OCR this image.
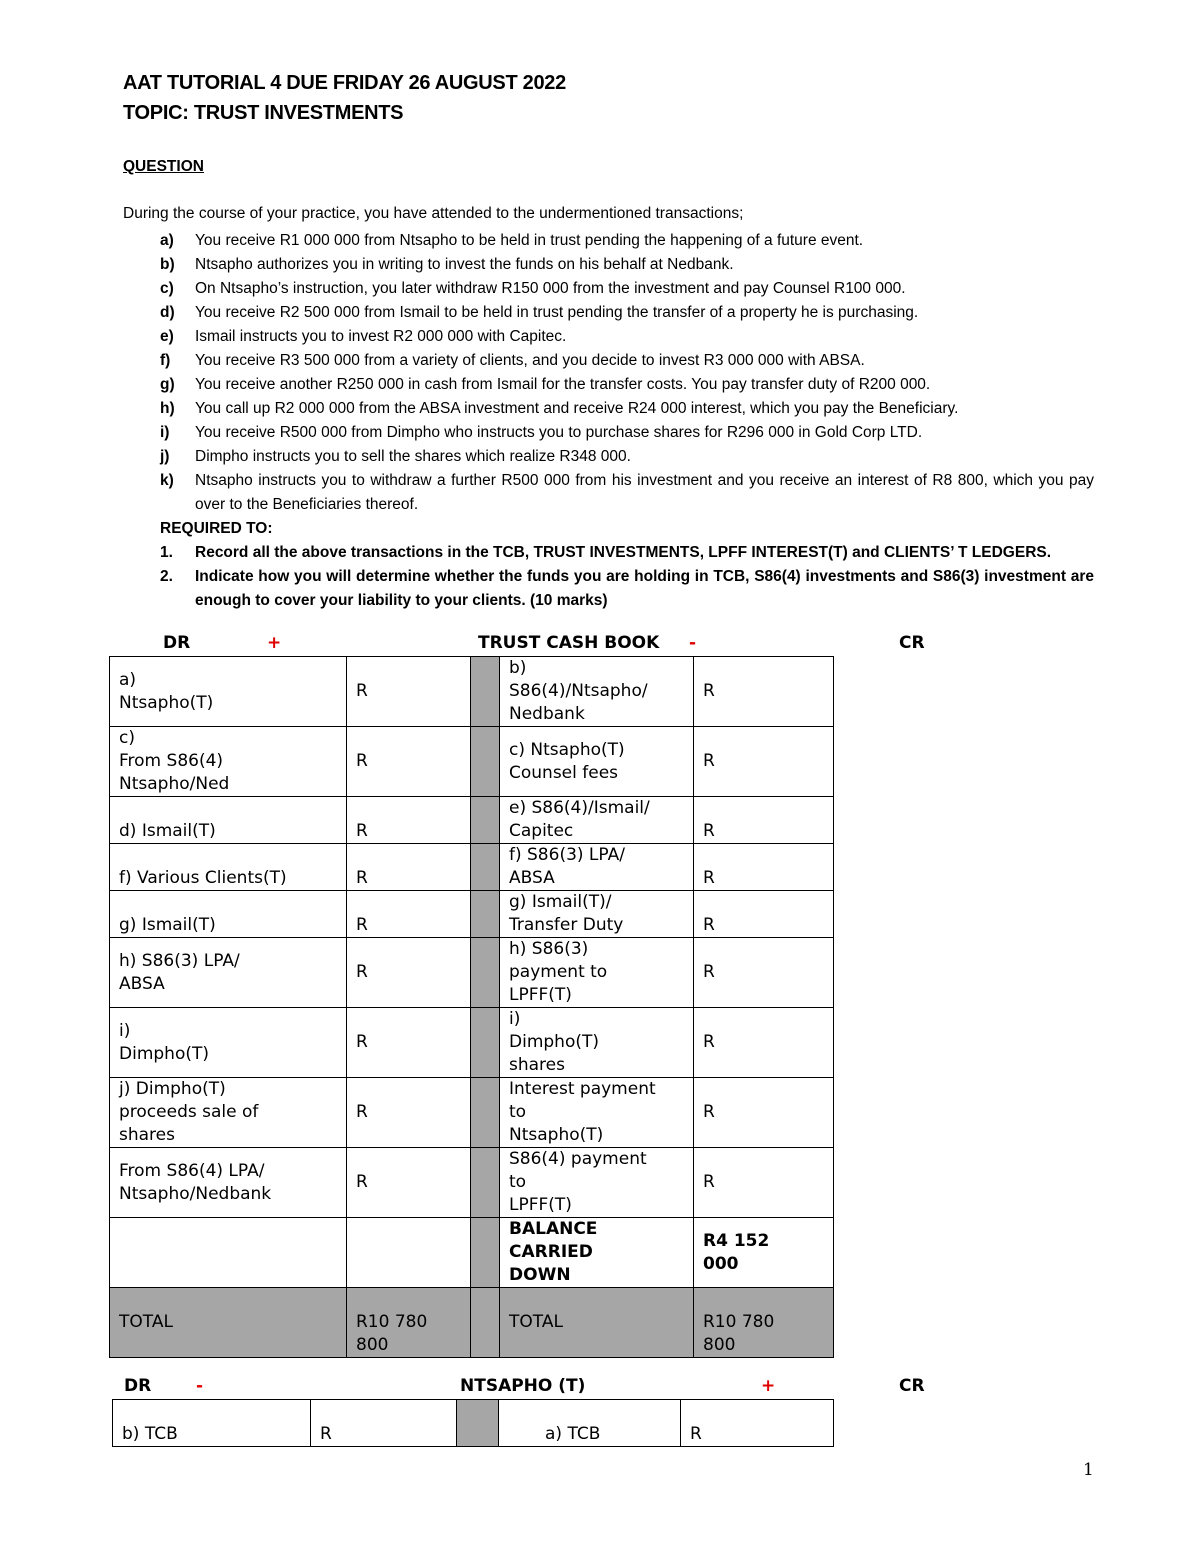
AAT TUTORIAL 4 DUE FRIDAY 26 AUGUST 2022
TOPIC: TRUST INVESTMENTS
QUESTION
During the course of your practice, you have attended to the undermentioned transactions;
a)	You receive R1 000 000 from Ntsapho to be held in trust pending the happening of a future event.
b)	Ntsapho authorizes you in writing to invest the funds on his behalf at Nedbank.
c)	On Ntsapho’s instruction, you later withdraw R150 000 from the investment and pay Counsel R100 000.
d)	You receive R2 500 000 from Ismail to be held in trust pending the transfer of a property he is purchasing.
e)	Ismail instructs you to invest R2 000 000 with Capitec.
f)	You receive R3 500 000 from a variety of clients, and you decide to invest R3 000 000 with ABSA.
g)	You receive another R250 000 in cash from Ismail for the transfer costs. You pay transfer duty of R200 000.
h)	You call up R2 000 000 from the ABSA investment and receive R24 000 interest, which you pay the Beneficiary.
i)	You receive R500 000 from Dimpho who instructs you to purchase shares for R296 000 in Gold Corp LTD.
j)	Dimpho instructs you to sell the shares which realize R348 000.
k)	Ntsapho instructs you to withdraw a further R500 000 from his investment and you receive an interest of R8 800, which you pay over to the Beneficiaries thereof.
REQUIRED TO:
1.	Record all the above transactions in the TCB, TRUST INVESTMENTS, LPFF INTEREST(T) and CLIENTS’ T LEDGERS.
2.	Indicate how you will determine whether the funds you are holding in TCB, S86(4) investments and S86(3) investment are enough to cover your liability to your clients. (10 marks)
DR	+	TRUST CASH BOOK -	CR
a)
Ntsapho(T)	R		b)
S86(4)/Ntsapho/
Nedbank	R

c)
From S86(4)
Ntsapho/Ned	R		c) Ntsapho(T)
Counsel fees	R

d) Ismail(T)	R		e) S86(4)/Ismail/
Capitec	R

f) Various Clients(T)	R		f) S86(3) LPA/
ABSA	R

g) Ismail(T)	R		g) Ismail(T)/
Transfer Duty	R

h) S86(3) LPA/
ABSA	R		h) S86(3)
payment to
LPFF(T)	R

i)
Dimpho(T)	R		i)
Dimpho(T)
shares	R

j) Dimpho(T)
proceeds sale of
shares	R		Interest payment
to
Ntsapho(T)	R

From S86(4) LPA/
Ntsapho/Nedbank	R		S86(4) payment
to
LPFF(T)	R

			BALANCE
CARRIED
DOWN	R4 152
000

TOTAL	R10 780
800		TOTAL	R10 780
800
DR	-	NTSAPHO (T)	+	CR
b) TCB	R		a) TCB	R
1
